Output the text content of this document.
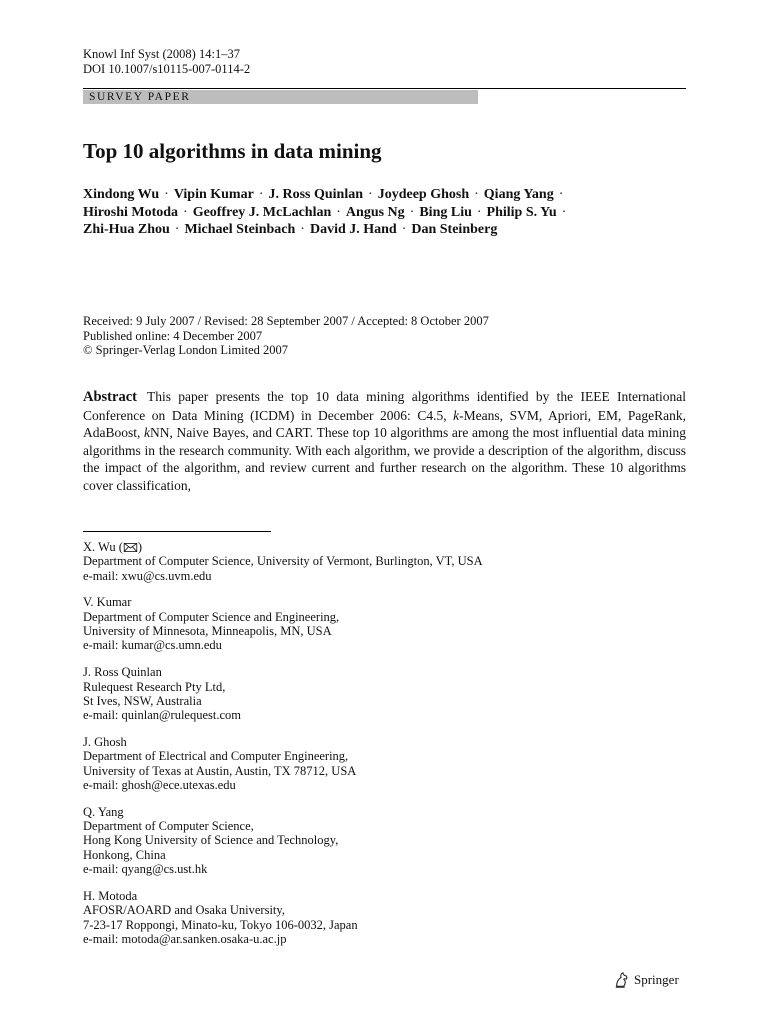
Knowl Inf Syst (2008) 14:1–37
DOI 10.1007/s10115-007-0114-2
SURVEY PAPER
Top 10 algorithms in data mining
Xindong Wu · Vipin Kumar · J. Ross Quinlan · Joydeep Ghosh · Qiang Yang ·
Hiroshi Motoda · Geoffrey J. McLachlan · Angus Ng · Bing Liu · Philip S. Yu ·
Zhi-Hua Zhou · Michael Steinbach · David J. Hand · Dan Steinberg
Received: 9 July 2007 / Revised: 28 September 2007 / Accepted: 8 October 2007
Published online: 4 December 2007
© Springer-Verlag London Limited 2007

Abstract This paper presents the top 10 data mining algorithms identified by the IEEE International Conference on Data Mining (ICDM) in December 2006: C4.5, k-Means, SVM, Apriori, EM, PageRank, AdaBoost, kNN, Naive Bayes, and CART. These top 10 algorithms are among the most influential data mining algorithms in the research community. With each algorithm, we provide a description of the algorithm, discuss the impact of the algorithm, and review current and further research on the algorithm. These 10 algorithms cover classification,

X. Wu ( )
Department of Computer Science, University of Vermont, Burlington, VT, USA
e-mail: xwu@cs.uvm.edu
V. Kumar
Department of Computer Science and Engineering,
University of Minnesota, Minneapolis, MN, USA
e-mail: kumar@cs.umn.edu
J. Ross Quinlan
Rulequest Research Pty Ltd,
St Ives, NSW, Australia
e-mail: quinlan@rulequest.com
J. Ghosh
Department of Electrical and Computer Engineering,
University of Texas at Austin, Austin, TX 78712, USA
e-mail: ghosh@ece.utexas.edu
Q. Yang
Department of Computer Science,
Hong Kong University of Science and Technology,
Honkong, China
e-mail: qyang@cs.ust.hk
H. Motoda
AFOSR/AOARD and Osaka University,
7-23-17 Roppongi, Minato-ku, Tokyo 106-0032, Japan
e-mail: motoda@ar.sanken.osaka-u.ac.jp
Springer
